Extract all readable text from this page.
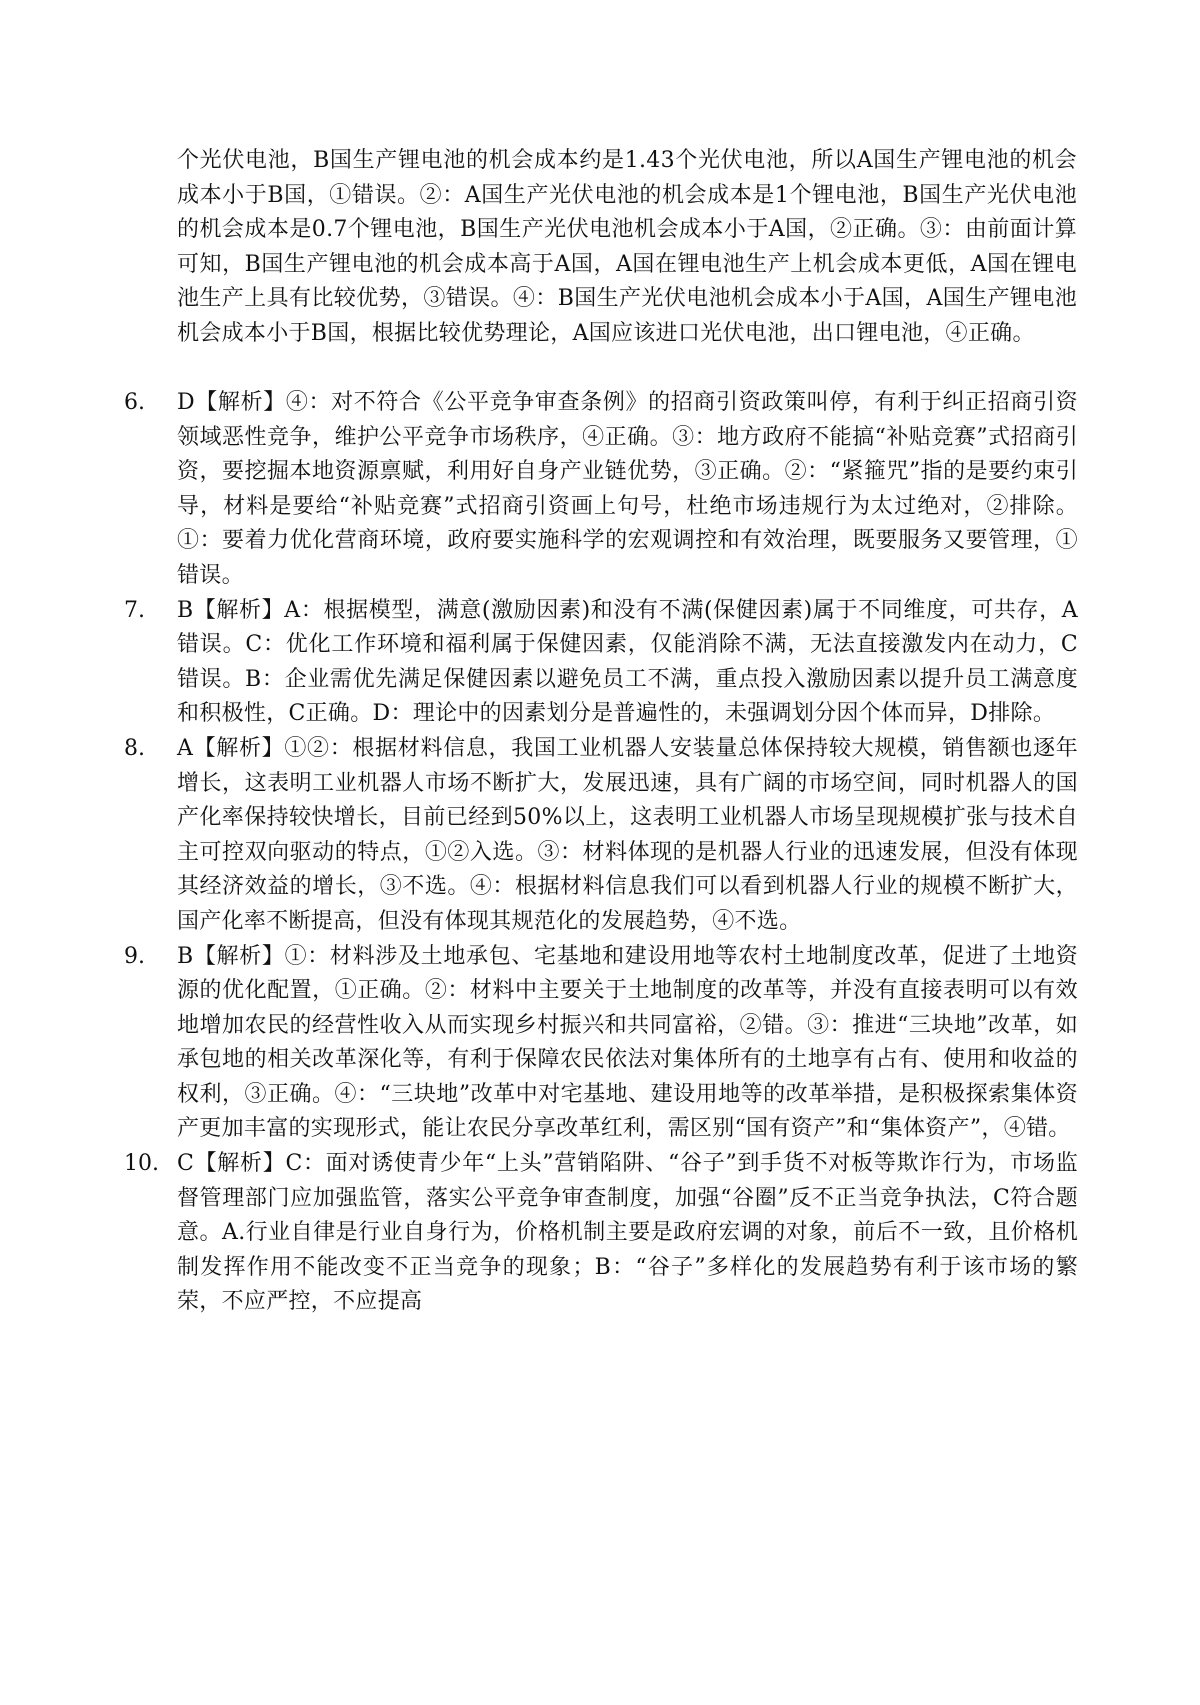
个光伏电池，B国生产锂电池的机会成本约是1.43个光伏电池，所以A国生产锂电池的机会成本小于B国，①错误。②：A国生产光伏电池的机会成本是1个锂电池，B国生产光伏电池的机会成本是0.7个锂电池，B国生产光伏电池机会成本小于A国，②正确。③：由前面计算可知，B国生产锂电池的机会成本高于A国，A国在锂电池生产上机会成本更低，A国在锂电池生产上具有比较优势，③错误。④：B国生产光伏电池机会成本小于A国，A国生产锂电池机会成本小于B国，根据比较优势理论，A国应该进口光伏电池，出口锂电池，④正确。

6. D【解析】④：对不符合《公平竞争审查条例》的招商引资政策叫停，有利于纠正招商引资领域恶性竞争，维护公平竞争市场秩序，④正确。③：地方政府不能搞“补贴竞赛”式招商引资，要挖掘本地资源禀赋，利用好自身产业链优势，③正确。②：“紧箍咒”指的是要约束引导，材料是要给“补贴竞赛”式招商引资画上句号，杜绝市场违规行为太过绝对，②排除。①：要着力优化营商环境，政府要实施科学的宏观调控和有效治理，既要服务又要管理，①错误。

7. B【解析】A：根据模型，满意(激励因素)和没有不满(保健因素)属于不同维度，可共存，A错误。C：优化工作环境和福利属于保健因素，仅能消除不满，无法直接激发内在动力，C错误。B：企业需优先满足保健因素以避免员工不满，重点投入激励因素以提升员工满意度和积极性，C正确。D：理论中的因素划分是普遍性的，未强调划分因个体而异，D排除。

8. A【解析】①②：根据材料信息，我国工业机器人安装量总体保持较大规模，销售额也逐年增长，这表明工业机器人市场不断扩大，发展迅速，具有广阔的市场空间，同时机器人的国产化率保持较快增长，目前已经到50%以上，这表明工业机器人市场呈现规模扩张与技术自主可控双向驱动的特点，①②入选。③：材料体现的是机器人行业的迅速发展，但没有体现其经济效益的增长，③不选。④：根据材料信息我们可以看到机器人行业的规模不断扩大，国产化率不断提高，但没有体现其规范化的发展趋势，④不选。

9. B【解析】①：材料涉及土地承包、宅基地和建设用地等农村土地制度改革，促进了土地资源的优化配置，①正确。②：材料中主要关于土地制度的改革等，并没有直接表明可以有效地增加农民的经营性收入从而实现乡村振兴和共同富裕，②错。③：推进“三块地”改革，如承包地的相关改革深化等，有利于保障农民依法对集体所有的土地享有占有、使用和收益的权利，③正确。④：“三块地”改革中对宅基地、建设用地等的改革举措，是积极探索集体资产更加丰富的实现形式，能让农民分享改革红利，需区别“国有资产”和“集体资产”，④错。

10. C【解析】C：面对诱使青少年“上头”营销陷阱、“谷子”到手货不对板等欺诈行为，市场监督管理部门应加强监管，落实公平竞争审查制度，加强“谷圈”反不正当竞争执法，C符合题意。A.行业自律是行业自身行为，价格机制主要是政府宏调的对象，前后不一致，且价格机制发挥作用不能改变不正当竞争的现象；B：“谷子”多样化的发展趋势有利于该市场的繁荣，不应严控，不应提高
